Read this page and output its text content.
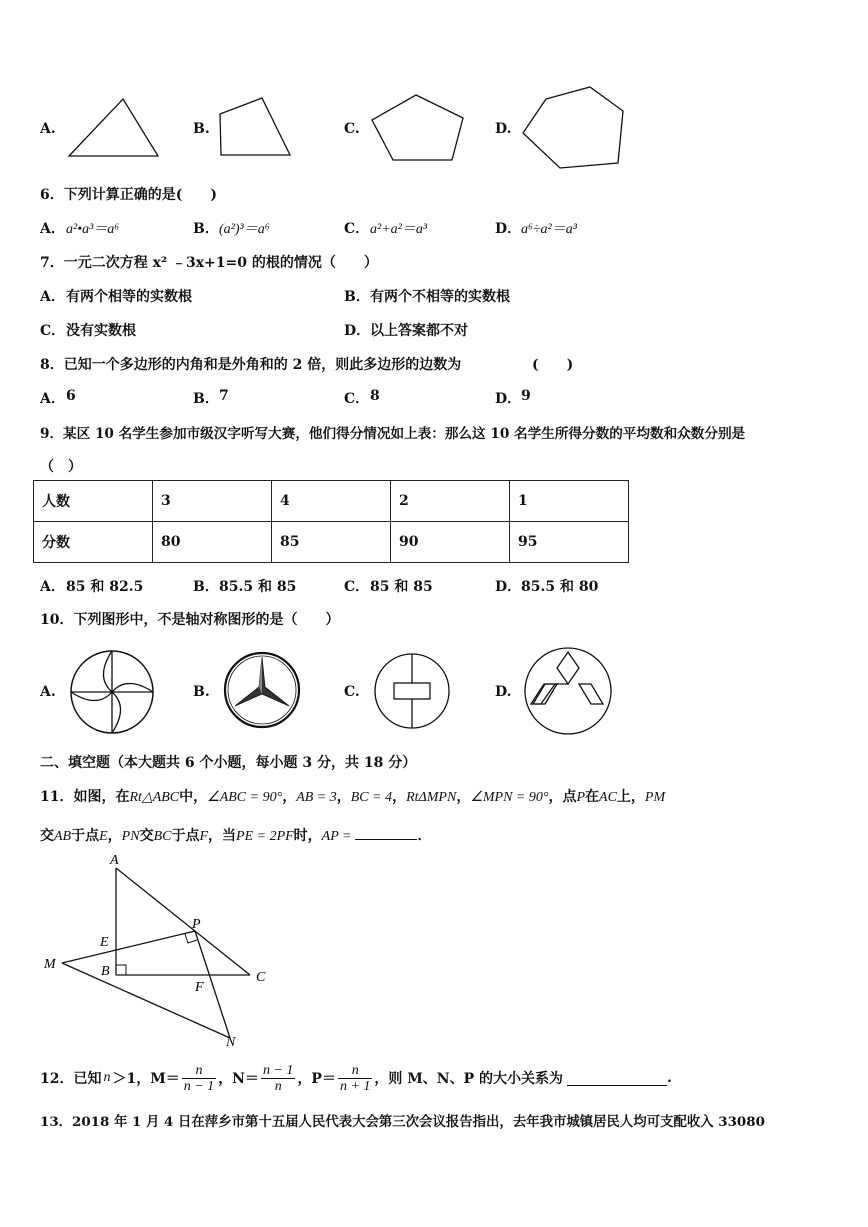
A.	B.	C.	D.
6．下列计算正确的是(　　)
A． a²•a³＝a⁶	B． (a²)³＝a⁶	C． a²+a²＝a³	D． a⁶÷a²＝a³
7．一元二次方程 x² ﹣3x+1=0 的根的情况（　　）
A． 有两个相等的实数根	B． 有两个不相等的实数根
C． 没有实数根	D． 以上答案都不对
8．已知一个多边形的内角和是外角和的 2 倍，则此多边形的边数为	(　　)
A． 6	B． 7	C． 8	D． 9
9．某区 10 名学生参加市级汉字听写大赛，他们得分情况如上表：那么这 10 名学生所得分数的平均数和众数分别是
（　）
人数	3	4	2	1
分数	80	85	90	95
A． 85 和 82.5	B． 85.5 和 85	C． 85 和 85	D． 85.5 和 80
10．下列图形中，不是轴对称图形的是（　　）
A.	B.	C.	D.
二、填空题（本大题共 6 个小题，每小题 3 分，共 18 分）
11．如图，在Rt△ABC中，∠ABC = 90°，AB = 3，BC = 4，RtΔMPN，∠MPN = 90°，点P在AC上，PM
交AB于点E，PN交BC于点F，当PE = 2PF时，AP =	．
A
P
E
M	B	C
F
N
12．已知 n ＞1，$M= \frac{n}{n - 1}$ ，$N= \frac{n - 1}{n}$ ，$P= \frac{n}{n + 1}$ ，则 M、N、P 的大小关系为	.
13．2018 年 1 月 4 日在萍乡市第十五届人民代表大会第三次会议报告指出，去年我市城镇居民人均可支配收入 33080
